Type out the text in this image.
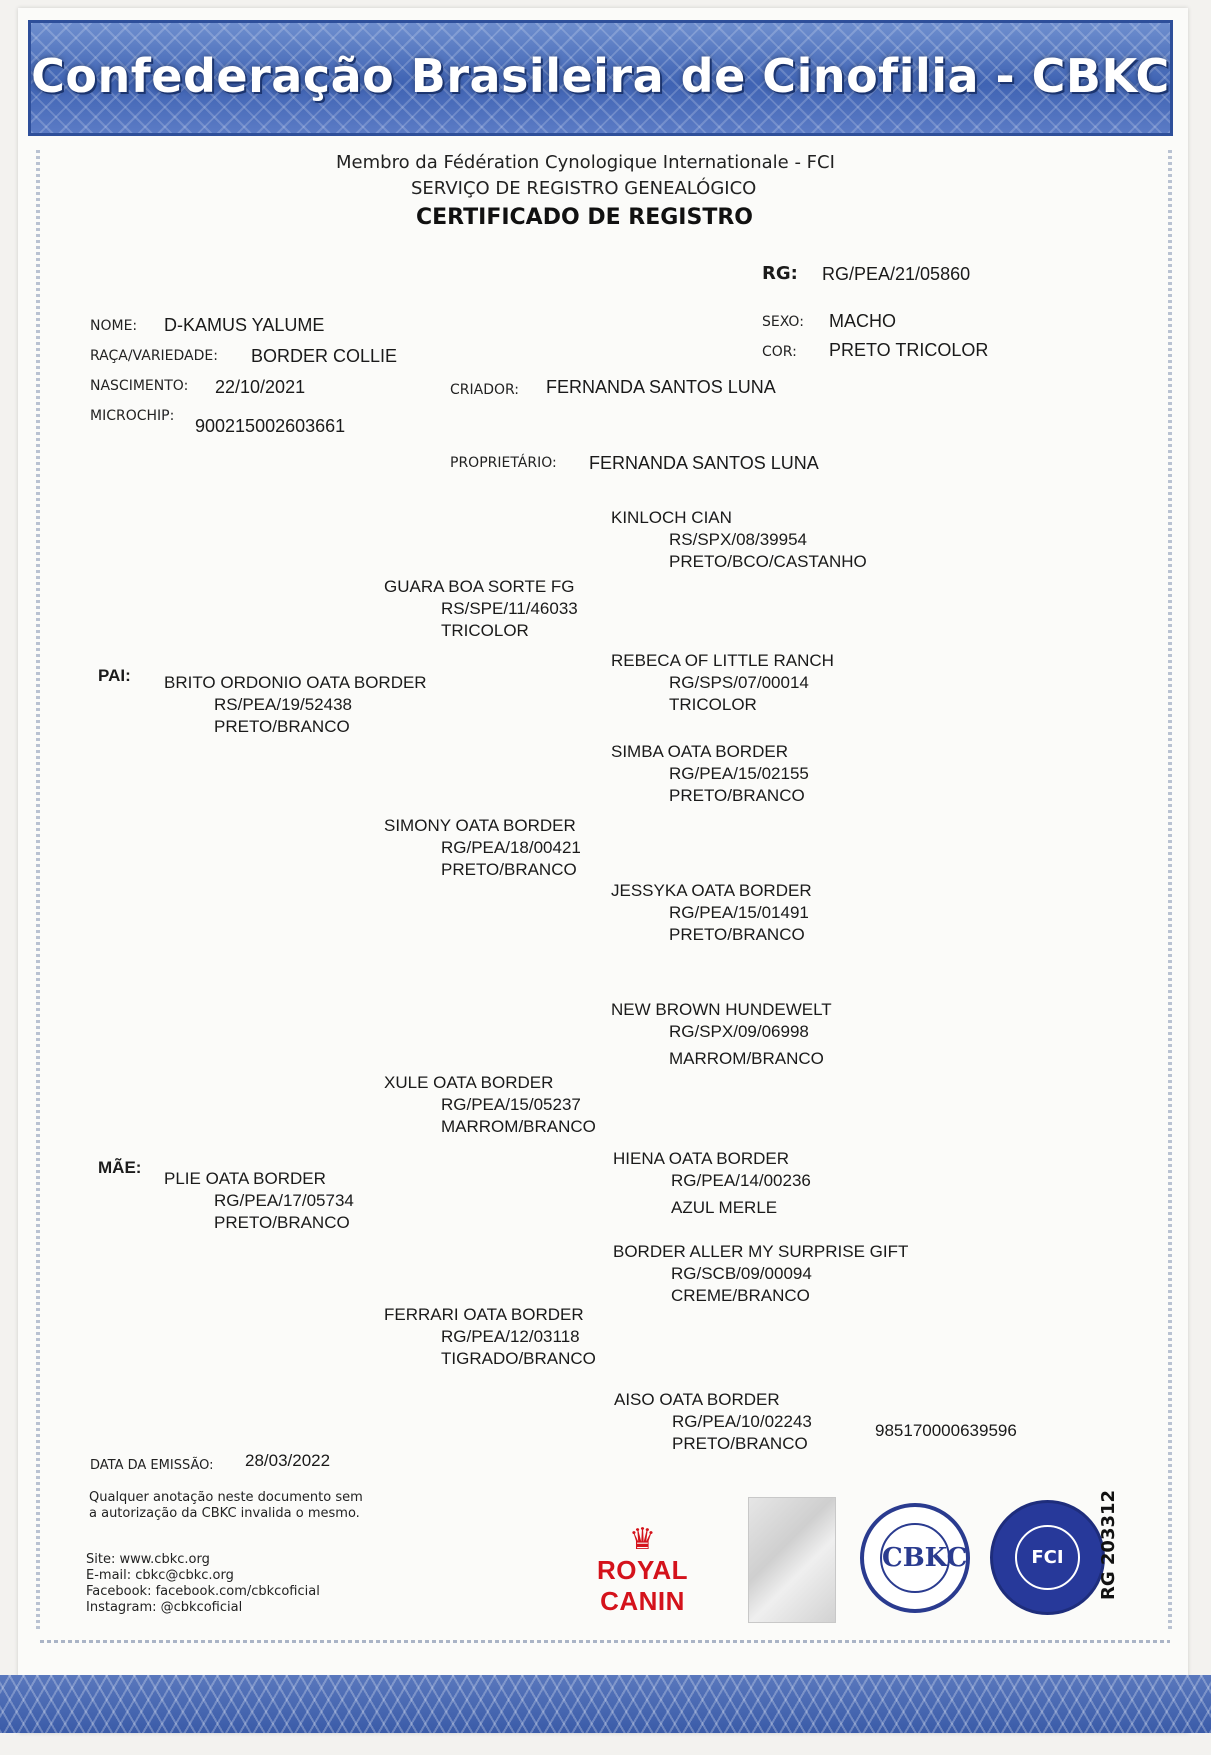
Confederação Brasileira de Cinofilia - CBKC
Membro da Fédération Cynologique Internationale - FCI
SERVIÇO DE REGISTRO GENEALÓGICO
CERTIFICADO DE REGISTRO
RG: RG/PEA/21/05860
NOME: D-KAMUS YALUME	SEXO: MACHO
RAÇA/VARIEDADE: BORDER COLLIE	COR: PRETO TRICOLOR
NASCIMENTO: 22/10/2021	CRIADOR: FERNANDA SANTOS LUNA
MICROCHIP: 900215002603661
PROPRIETÁRIO: FERNANDA SANTOS LUNA
PAI:
MÃE:
BRITO ORDONIO OATA BORDER
RS/PEA/19/52438
PRETO/BRANCO
PLIE OATA BORDER
RG/PEA/17/05734
PRETO/BRANCO
GUARA BOA SORTE FG
RS/SPE/11/46033
TRICOLOR
SIMONY OATA BORDER
RG/PEA/18/00421
PRETO/BRANCO
XULE OATA BORDER
RG/PEA/15/05237
MARROM/BRANCO
FERRARI OATA BORDER
RG/PEA/12/03118
TIGRADO/BRANCO
KINLOCH CIAN
RS/SPX/08/39954
PRETO/BCO/CASTANHO
REBECA OF LITTLE RANCH
RG/SPS/07/00014
TRICOLOR
SIMBA OATA BORDER
RG/PEA/15/02155
PRETO/BRANCO
JESSYKA OATA BORDER
RG/PEA/15/01491
PRETO/BRANCO
NEW BROWN HUNDEWELT
RG/SPX/09/06998
MARROM/BRANCO
HIENA OATA BORDER
RG/PEA/14/00236
AZUL MERLE
BORDER ALLER MY SURPRISE GIFT
RG/SCB/09/00094
CREME/BRANCO
AISO OATA BORDER
RG/PEA/10/02243
PRETO/BRANCO
985170000639596
DATA DA EMISSÃO: 28/03/2022
Qualquer anotação neste documento sem
a autorização da CBKC invalida o mesmo.
Site: www.cbkc.org
E-mail: cbkc@cbkc.org
Facebook: facebook.com/cbkcoficial
Instagram: @cbkcoficial
♛
ROYAL CANIN
CBKC	FCI	RG 203312
